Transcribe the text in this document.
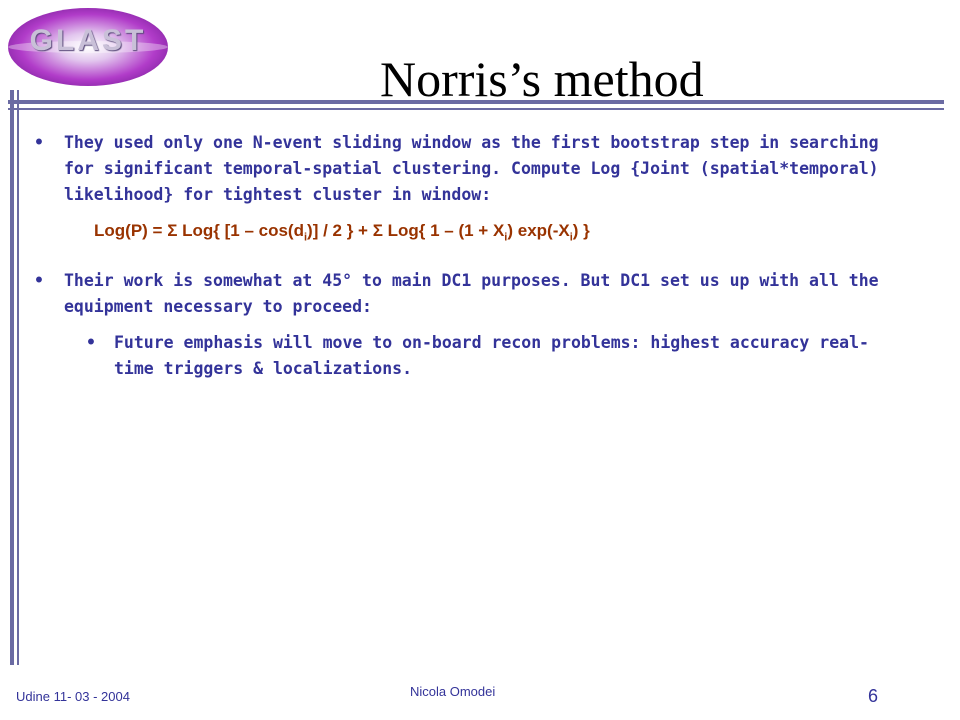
GLAST
Norris’s method
• They used only one N-event sliding window as the first bootstrap step in searching for significant temporal-spatial clustering. Compute Log {Joint (spatial*temporal) likelihood} for tightest cluster in window:
Log(P) = Σ Log{ $[1 - \cos(d_i)] / 2$ } + Σ Log{ $1 - (1 + X_i)$ $\exp(-X_i)$ }
• Their work is somewhat at 45° to main DC1 purposes. But DC1 set us up with all the equipment necessary to proceed:
• Future emphasis will move to on-board recon problems: highest accuracy real-time triggers & localizations.
Udine 11- 03 - 2004	Nicola Omodei	6
